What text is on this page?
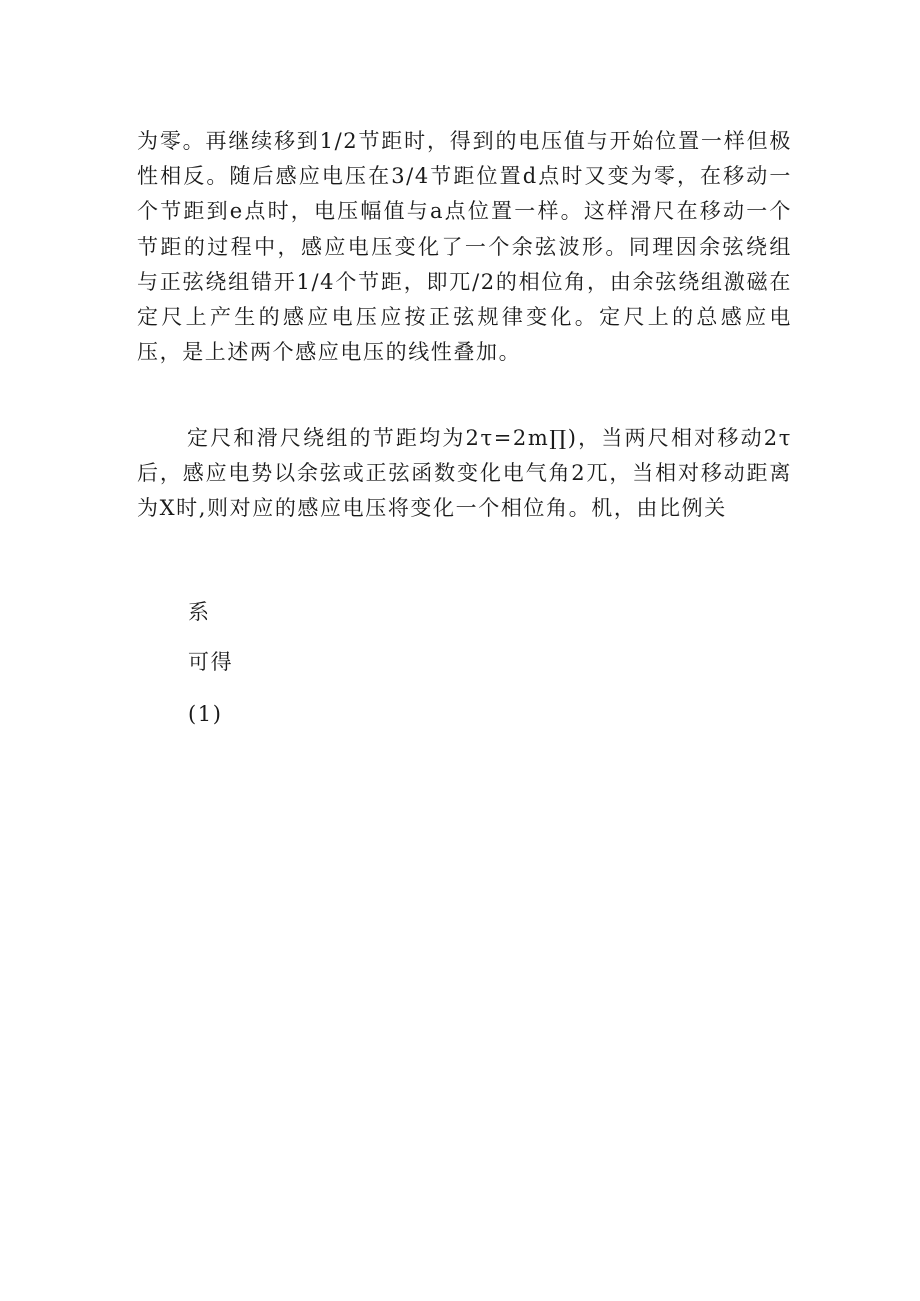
为零。再继续移到1/2节距时，得到的电压值与开始位置一样但极性相反。随后感应电压在3/4节距位置d点时又变为零，在移动一个节距到e点时，电压幅值与a点位置一样。这样滑尺在移动一个节距的过程中，感应电压变化了一个余弦波形。同理因余弦绕组与正弦绕组错开1/4个节距，即兀/2的相位角，由余弦绕组激磁在定尺上产生的感应电压应按正弦规律变化。定尺上的总感应电压，是上述两个感应电压的线性叠加。

定尺和滑尺绕组的节距均为2τ=2m∏)，当两尺相对移动2τ后，感应电势以余弦或正弦函数变化电气角2兀，当相对移动距离为X时,则对应的感应电压将变化一个相位角。机，由比例关

系

可得

(1)
